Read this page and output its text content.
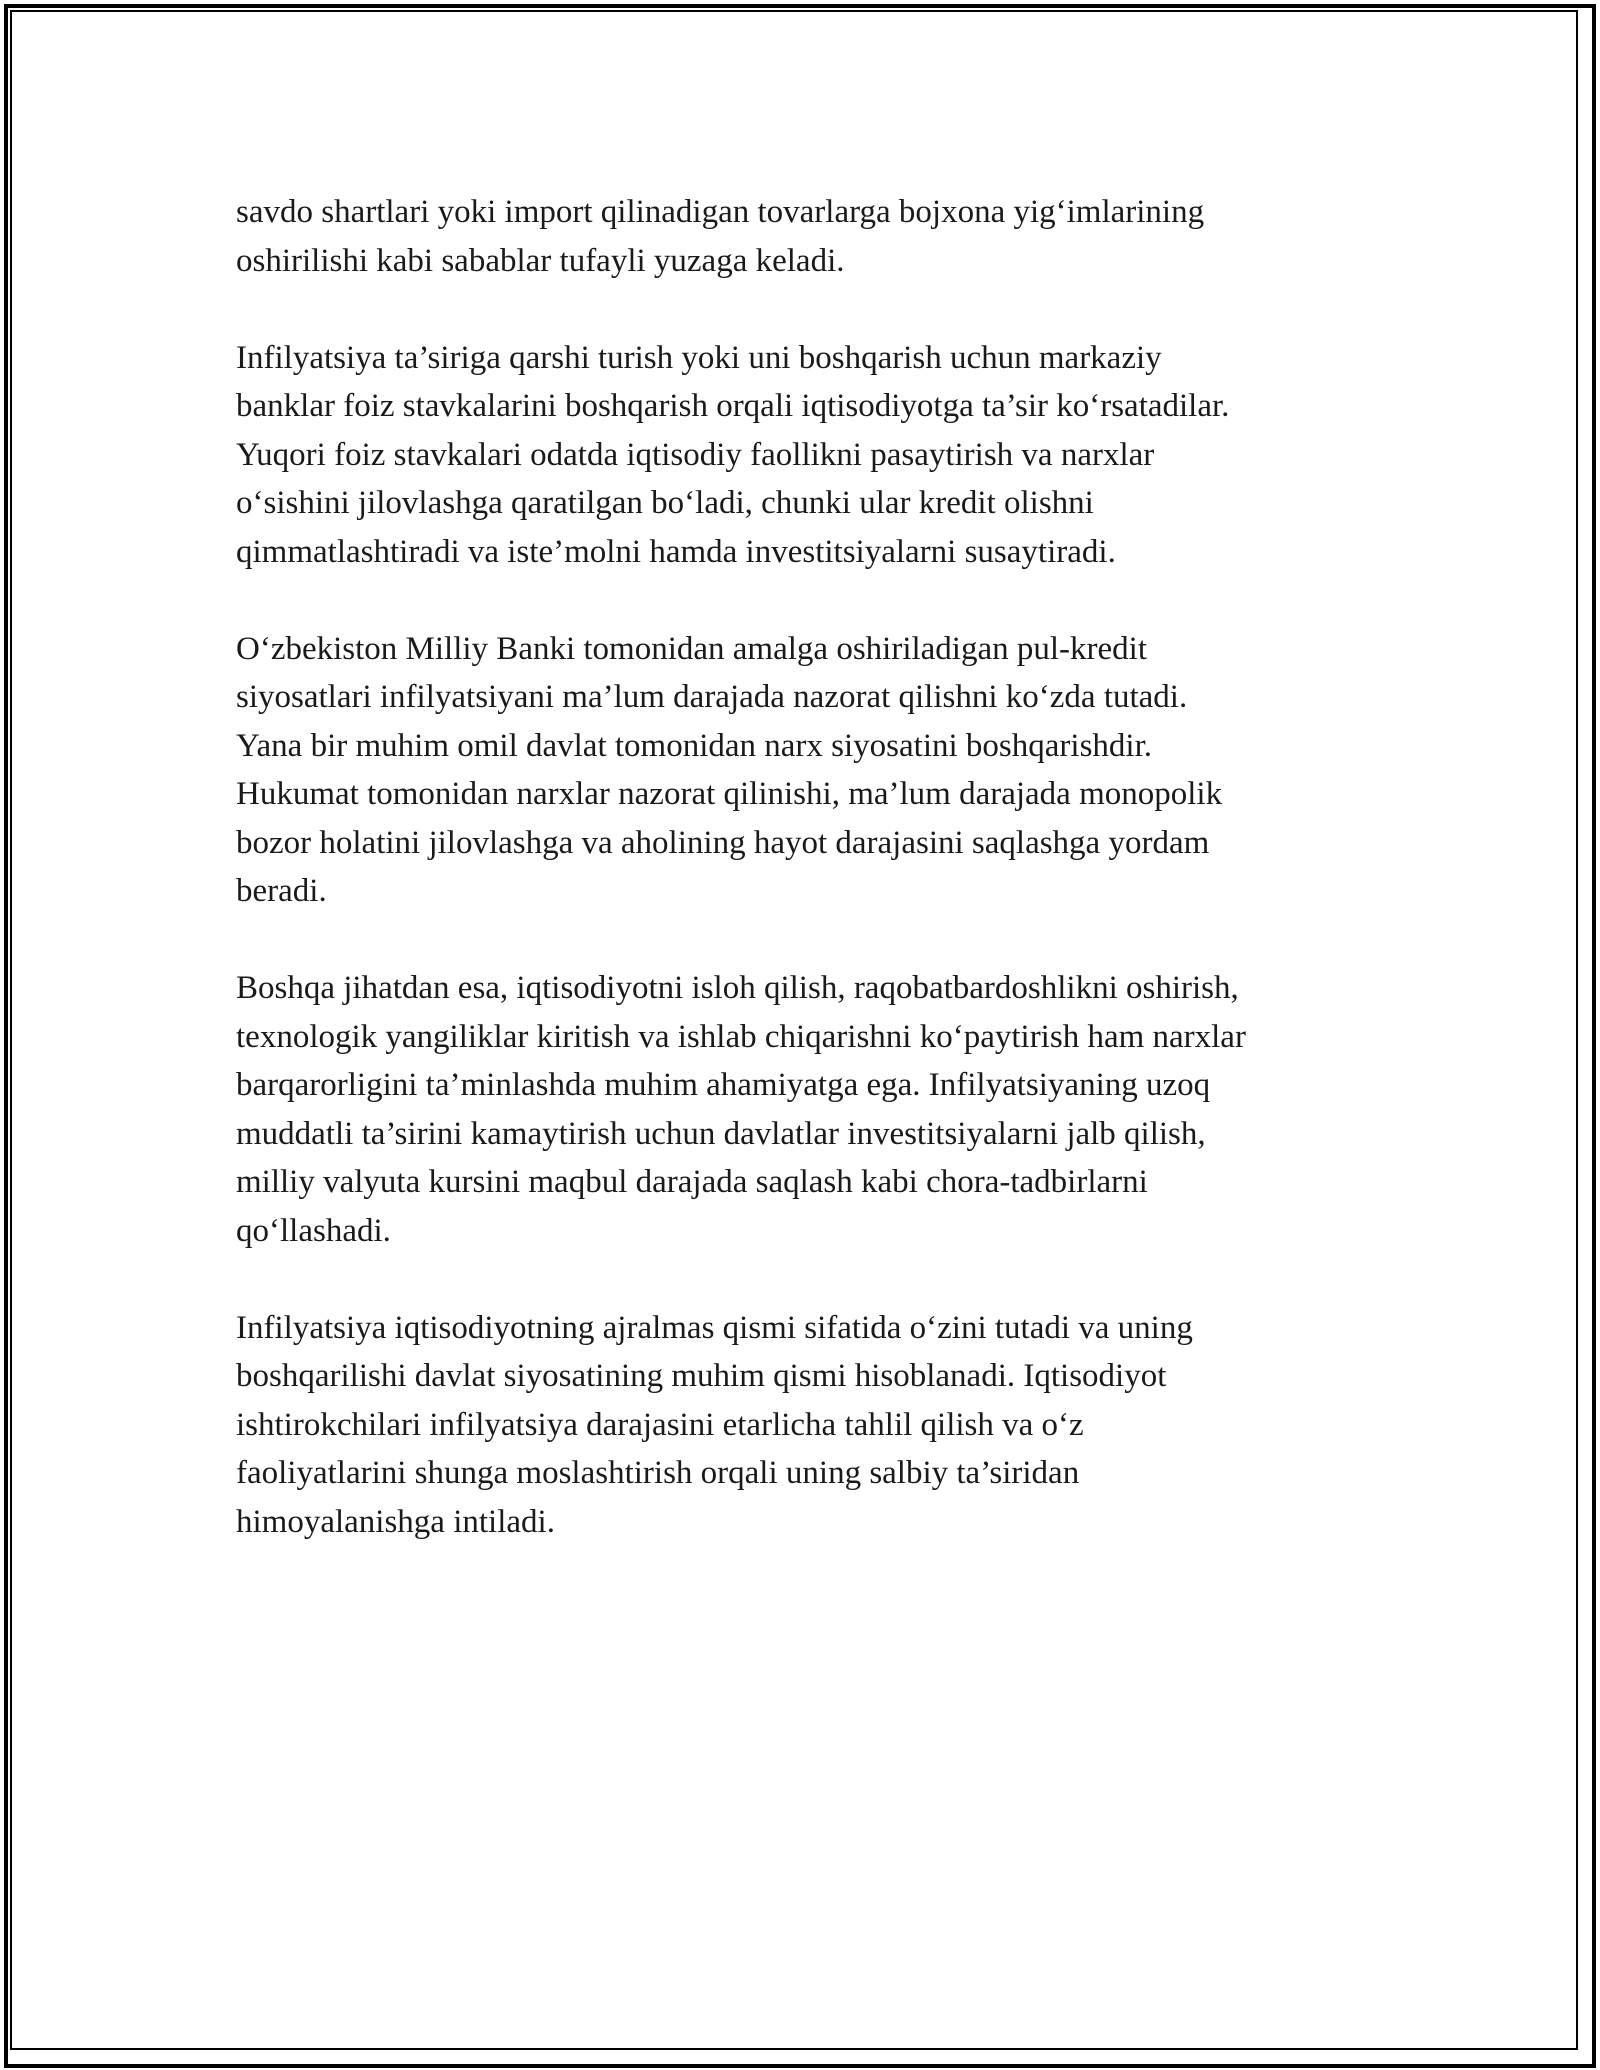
savdo shartlari yoki import qilinadigan tovarlarga bojxona yig‘imlarining
oshirilishi kabi sabablar tufayli yuzaga keladi.

Infilyatsiya ta’siriga qarshi turish yoki uni boshqarish uchun markaziy
banklar foiz stavkalarini boshqarish orqali iqtisodiyotga ta’sir ko‘rsatadilar.
Yuqori foiz stavkalari odatda iqtisodiy faollikni pasaytirish va narxlar
o‘sishini jilovlashga qaratilgan bo‘ladi, chunki ular kredit olishni
qimmatlashtiradi va iste’molni hamda investitsiyalarni susaytiradi.

O‘zbekiston Milliy Banki tomonidan amalga oshiriladigan pul-kredit
siyosatlari infilyatsiyani ma’lum darajada nazorat qilishni ko‘zda tutadi.
Yana bir muhim omil davlat tomonidan narx siyosatini boshqarishdir.
Hukumat tomonidan narxlar nazorat qilinishi, ma’lum darajada monopolik
bozor holatini jilovlashga va aholining hayot darajasini saqlashga yordam
beradi.

Boshqa jihatdan esa, iqtisodiyotni isloh qilish, raqobatbardoshlikni oshirish,
texnologik yangiliklar kiritish va ishlab chiqarishni ko‘paytirish ham narxlar
barqarorligini ta’minlashda muhim ahamiyatga ega. Infilyatsiyaning uzoq
muddatli ta’sirini kamaytirish uchun davlatlar investitsiyalarni jalb qilish,
milliy valyuta kursini maqbul darajada saqlash kabi chora-tadbirlarni
qo‘llashadi.

Infilyatsiya iqtisodiyotning ajralmas qismi sifatida o‘zini tutadi va uning
boshqarilishi davlat siyosatining muhim qismi hisoblanadi. Iqtisodiyot
ishtirokchilari infilyatsiya darajasini etarlicha tahlil qilish va o‘z
faoliyatlarini shunga moslashtirish orqali uning salbiy ta’siridan
himoyalanishga intiladi.
